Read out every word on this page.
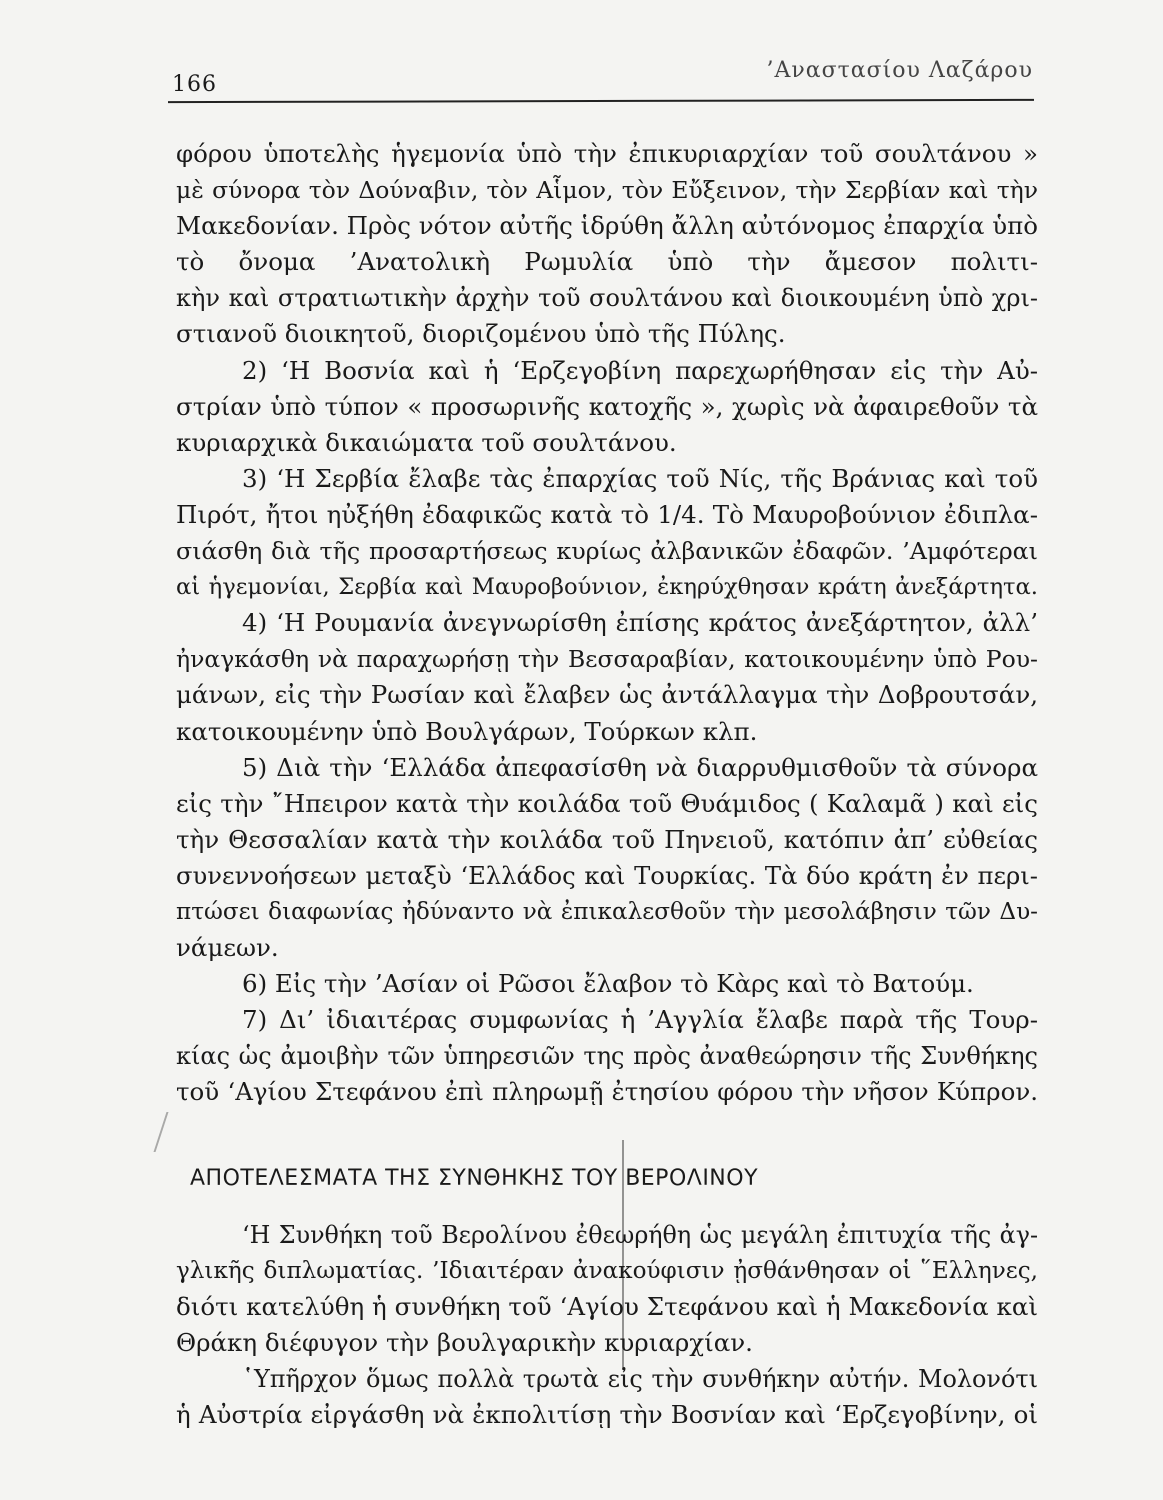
166
’Αναστασίου Λαζάρου
φόρου ὑποτελὴς ἡγεμονία ὑπὸ τὴν ἐπικυριαρχίαν τοῦ σουλτάνου »
μὲ σύνορα τὸν Δούναβιν, τὸν Αἷμον, τὸν Εὔξεινον, τὴν Σερβίαν καὶ τὴν
Μακεδονίαν. Πρὸς νότον αὐτῆς ἱδρύθη ἄλλη αὐτόνομος ἐπαρχία ὑπὸ
τὸ ὄνομα ’Ανατολικὴ Ρωμυλία ὑπὸ τὴν ἄμεσον πολιτι-
κὴν καὶ στρατιωτικὴν ἀρχὴν τοῦ σουλτάνου καὶ διοικουμένη ὑπὸ χρι-
στιανοῦ διοικητοῦ, διοριζομένου ὑπὸ τῆς Πύλης.
2) ‘Η Βοσνία καὶ ἡ ‘Ερζεγοβίνη παρεχωρήθησαν εἰς τὴν Αὐ-
στρίαν ὑπὸ τύπον « προσωρινῆς κατοχῆς », χωρὶς νὰ ἀφαιρεθοῦν τὰ
κυριαρχικὰ δικαιώματα τοῦ σουλτάνου.
3) ‘Η Σερβία ἔλαβε τὰς ἐπαρχίας τοῦ Νίς, τῆς Βράνιας καὶ τοῦ
Πιρότ, ἤτοι ηὐξήθη ἐδαφικῶς κατὰ τὸ 1/4. Τὸ Μαυροβούνιον ἐδιπλα-
σιάσθη διὰ τῆς προσαρτήσεως κυρίως ἀλβανικῶν ἐδαφῶν. ’Αμφότεραι
αἱ ἡγεμονίαι, Σερβία καὶ Μαυροβούνιον, ἐκηρύχθησαν κράτη ἀνεξάρτητα.
4) ‘Η Ρουμανία ἀνεγνωρίσθη ἐπίσης κράτος ἀνεξάρτητον, ἀλλ’
ἠναγκάσθη νὰ παραχωρήσῃ τὴν Βεσσαραβίαν, κατοικουμένην ὑπὸ Ρου-
μάνων, εἰς τὴν Ρωσίαν καὶ ἔλαβεν ὡς ἀντάλλαγμα τὴν Δοβρουτσάν,
κατοικουμένην ὑπὸ Βουλγάρων, Τούρκων κλπ.
5) Διὰ τὴν ‘Ελλάδα ἀπεφασίσθη νὰ διαρρυθμισθοῦν τὰ σύνορα
εἰς τὴν ῎Ηπειρον κατὰ τὴν κοιλάδα τοῦ Θυάμιδος ( Καλαμᾶ ) καὶ εἰς
τὴν Θεσσαλίαν κατὰ τὴν κοιλάδα τοῦ Πηνειοῦ, κατόπιν ἀπ’ εὐθείας
συνεννοήσεων μεταξὺ ‘Ελλάδος καὶ Τουρκίας. Τὰ δύο κράτη ἐν περι-
πτώσει διαφωνίας ἠδύναντο νὰ ἐπικαλεσθοῦν τὴν μεσολάβησιν τῶν Δυ-
νάμεων.
6) Εἰς τὴν ’Ασίαν οἱ Ρῶσοι ἔλαβον τὸ Κὰρς καὶ τὸ Βατούμ.
7) Δι’ ἰδιαιτέρας συμφωνίας ἡ ’Αγγλία ἔλαβε παρὰ τῆς Τουρ-
κίας ὡς ἀμοιβὴν τῶν ὑπηρεσιῶν της πρὸς ἀναθεώρησιν τῆς Συνθήκης
τοῦ ‘Αγίου Στεφάνου ἐπὶ πληρωμῇ ἐτησίου φόρου τὴν νῆσον Κύπρον.
ΑΠΟΤΕΛΕΣΜΑΤΑ ΤΗΣ ΣΥΝΘΗΚΗΣ ΤΟΥ ΒΕΡΟΛΙΝΟΥ
‘Η Συνθήκη τοῦ Βερολίνου ἐθεωρήθη ὡς μεγάλη ἐπιτυχία τῆς ἀγ-
γλικῆς διπλωματίας. ’Ιδιαιτέραν ἀνακούφισιν ᾐσθάνθησαν οἱ ῞Ελληνες,
διότι κατελύθη ἡ συνθήκη τοῦ ‘Αγίου Στεφάνου καὶ ἡ Μακεδονία καὶ
Θράκη διέφυγον τὴν βουλγαρικὴν κυριαρχίαν.
῾Υπῆρχον ὅμως πολλὰ τρωτὰ εἰς τὴν συνθήκην αὐτήν. Μολονότι
ἡ Αὐστρία εἰργάσθη νὰ ἐκπολιτίσῃ τὴν Βοσνίαν καὶ ‘Ερζεγοβίνην, οἱ
